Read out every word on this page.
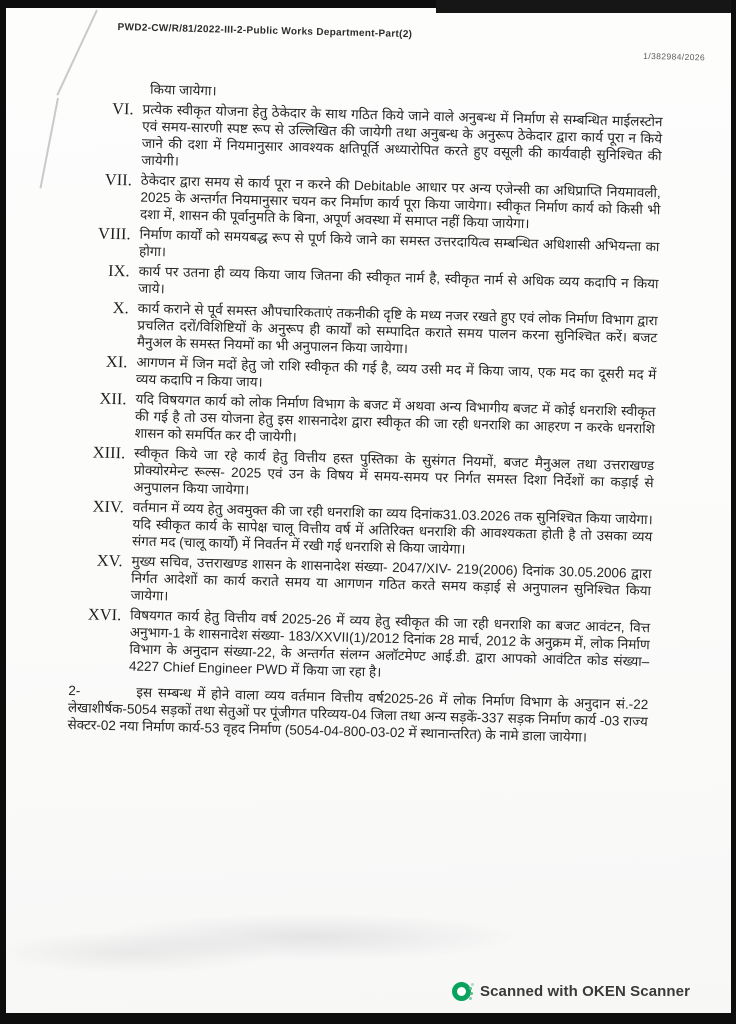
PWD2-CW/R/81/2022-III-2-Public Works Department-Part(2)
1/382984/2026
किया जायेगा।
VI. प्रत्येक स्वीकृत योजना हेतु ठेकेदार के साथ गठित किये जाने वाले अनुबन्ध में निर्माण से सम्बन्धित माईलस्टोन एवं समय-सारणी स्पष्ट रूप से उल्लिखित की जायेगी तथा अनुबन्ध के अनुरूप ठेकेदार द्वारा कार्य पूरा न किये जाने की दशा में नियमानुसार आवश्यक क्षतिपूर्ति अध्यारोपित करते हुए वसूली की कार्यवाही सुनिश्चित की जायेगी।
VII. ठेकेदार द्वारा समय से कार्य पूरा न करने की Debitable आधार पर अन्य एजेन्सी का अधिप्राप्ति नियमावली, 2025 के अन्तर्गत नियमानुसार चयन कर निर्माण कार्य पूरा किया जायेगा। स्वीकृत निर्माण कार्य को किसी भी दशा में, शासन की पूर्वानुमति के बिना, अपूर्ण अवस्था में समाप्त नहीं किया जायेगा।
VIII. निर्माण कार्यों को समयबद्ध रूप से पूर्ण किये जाने का समस्त उत्तरदायित्व सम्बन्धित अधिशासी अभियन्ता का होगा।
IX. कार्य पर उतना ही व्यय किया जाय जितना की स्वीकृत नार्म है, स्वीकृत नार्म से अधिक व्यय कदापि न किया जाये।
X. कार्य कराने से पूर्व समस्त औपचारिकताएं तकनीकी दृष्टि के मध्य नजर रखते हुए एवं लोक निर्माण विभाग द्वारा प्रचलित दरों/विशिष्टियों के अनुरूप ही कार्यों को सम्पादित कराते समय पालन करना सुनिश्चित करें। बजट मैनुअल के समस्त नियमों का भी अनुपालन किया जायेगा।
XI. आगणन में जिन मदों हेतु जो राशि स्वीकृत की गई है, व्यय उसी मद में किया जाय, एक मद का दूसरी मद में व्यय कदापि न किया जाय।
XII. यदि विषयगत कार्य को लोक निर्माण विभाग के बजट में अथवा अन्य विभागीय बजट में कोई धनराशि स्वीकृत की गई है तो उस योजना हेतु इस शासनादेश द्वारा स्वीकृत की जा रही धनराशि का आहरण न करके धनराशि शासन को समर्पित कर दी जायेगी।
XIII. स्वीकृत किये जा रहे कार्य हेतु वित्तीय हस्त पुस्तिका के सुसंगत नियमों, बजट मैनुअल तथा उत्तराखण्ड प्रोक्योरमेन्ट रूल्स- 2025 एवं उन के विषय में समय-समय पर निर्गत समस्त दिशा निर्देशों का कड़ाई से अनुपालन किया जायेगा।
XIV. वर्तमान में व्यय हेतु अवमुक्त की जा रही धनराशि का व्यय दिनांक31.03.2026 तक सुनिश्चित किया जायेगा। यदि स्वीकृत कार्य के सापेक्ष चालू वित्तीय वर्ष में अतिरिक्त धनराशि की आवश्यकता होती है तो उसका व्यय संगत मद (चालू कार्यों) में निवर्तन में रखी गई धनराशि से किया जायेगा।
XV. मुख्य सचिव, उत्तराखण्ड शासन के शासनादेश संख्या- 2047/XIV- 219(2006) दिनांक 30.05.2006 द्वारा निर्गत आदेशों का कार्य कराते समय या आगणन गठित करते समय कड़ाई से अनुपालन सुनिश्चित किया जायेगा।
XVI. विषयगत कार्य हेतु वित्तीय वर्ष 2025-26 में व्यय हेतु स्वीकृत की जा रही धनराशि का बजट आवंटन, वित्त अनुभाग-1 के शासनादेश संख्या- 183/XXVII(1)/2012 दिनांक 28 मार्च, 2012 के अनुक्रम में, लोक निर्माण विभाग के अनुदान संख्या-22, के अन्तर्गत संलग्न अलॉटमेण्ट आई.डी. द्वारा आपको आवंटित कोड संख्या– 4227 Chief Engineer PWD में किया जा रहा है।
2-	इस सम्बन्ध में होने वाला व्यय वर्तमान वित्तीय वर्ष2025-26 में लोक निर्माण विभाग के अनुदान सं.-22 लेखाशीर्षक-5054 सड़कों तथा सेतुओं पर पूंजीगत परिव्यय-04 जिला तथा अन्य सड़कें-337 सड़क निर्माण कार्य -03 राज्य सेक्टर-02 नया निर्माण कार्य-53 वृहद निर्माण (5054-04-800-03-02 में स्थानान्तरित) के नामे डाला जायेगा।
Scanned with OKEN Scanner
